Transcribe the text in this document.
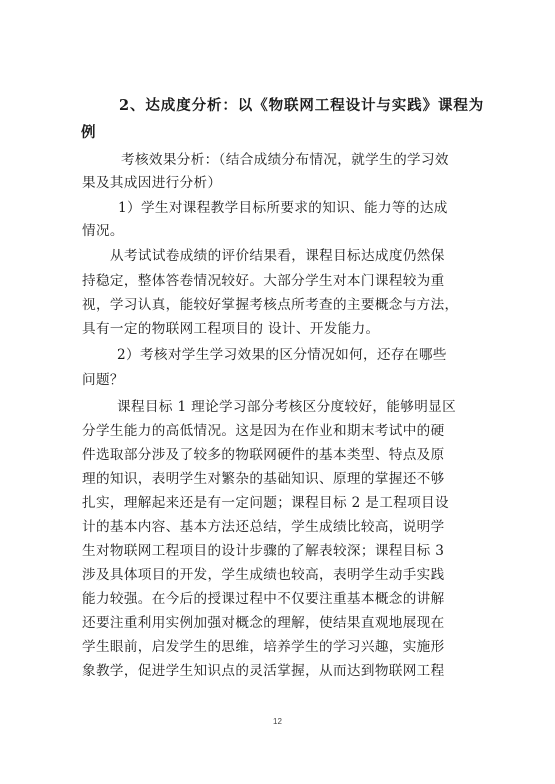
2、达成度分析：以《物联网工程设计与实践》课程为
例
考核效果分析：（结合成绩分布情况，就学生的学习效
果及其成因进行分析）
1）学生对课程教学目标所要求的知识、能力等的达成
情况。
从考试试卷成绩的评价结果看，课程目标达成度仍然保
持稳定，整体答卷情况较好。大部分学生对本门课程较为重
视，学习认真，能较好掌握考核点所考查的主要概念与方法，
具有一定的物联网工程项目的 设计、开发能力。
2）考核对学生学习效果的区分情况如何，还存在哪些
问题？
课程目标 1 理论学习部分考核区分度较好，能够明显区
分学生能力的高低情况。这是因为在作业和期末考试中的硬
件选取部分涉及了较多的物联网硬件的基本类型、特点及原
理的知识，表明学生对繁杂的基础知识、原理的掌握还不够
扎实，理解起来还是有一定问题；课程目标 2 是工程项目设
计的基本内容、基本方法还总结，学生成绩比较高，说明学
生对物联网工程项目的设计步骤的了解表较深；课程目标 3
涉及具体项目的开发，学生成绩也较高，表明学生动手实践
能力较强。在今后的授课过程中不仅要注重基本概念的讲解
还要注重利用实例加强对概念的理解，使结果直观地展现在
学生眼前，启发学生的思维，培养学生的学习兴趣，实施形
象教学，促进学生知识点的灵活掌握，从而达到物联网工程
12
